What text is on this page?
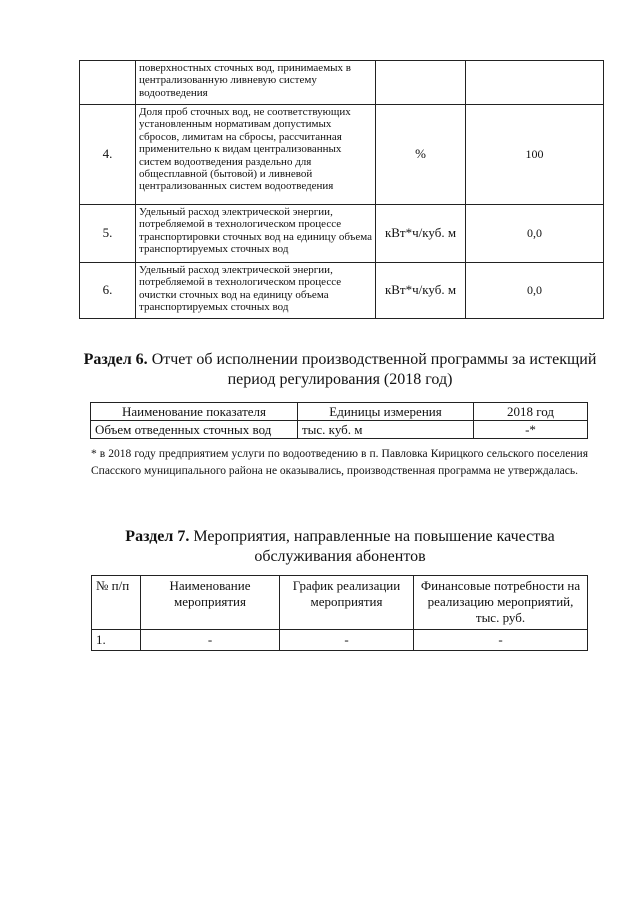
	поверхностных сточных вод, принимаемых в централизованную ливневую систему водоотведения		
4.	Доля проб сточных вод, не соответствующих установленным нормативам допустимых сбросов, лимитам на сбросы, рассчитанная применительно к видам централизованных систем водоотведения раздельно для общесплавной (бытовой) и ливневой централизованных систем водоотведения	%	100
5.	Удельный расход электрической энергии, потребляемой в технологическом процессе транспортировки сточных вод на единицу объема транспортируемых сточных вод	кВт*ч/куб. м	0,0
6.	Удельный расход электрической энергии, потребляемой в технологическом процессе очистки сточных вод на единицу объема транспортируемых сточных вод	кВт*ч/куб. м	0,0
Раздел 6. Отчет об исполнении производственной программы за истекщий
период регулирования (2018 год)
Наименование показателя	Единицы измерения	2018 год
Объем отведенных сточных вод	тыс. куб. м	-*
* в 2018 году предприятием услуги по водоотведению в п. Павловка Кирицкого сельского поселения Спасского муниципального района не оказывались, производственная программа не утверждалась.
Раздел 7. Мероприятия, направленные на повышение качества
обслуживания абонентов
№ п/п	Наименование мероприятия	График реализации мероприятия	Финансовые потребности на реализацию мероприятий, тыс. руб.
1.	-	-	-
